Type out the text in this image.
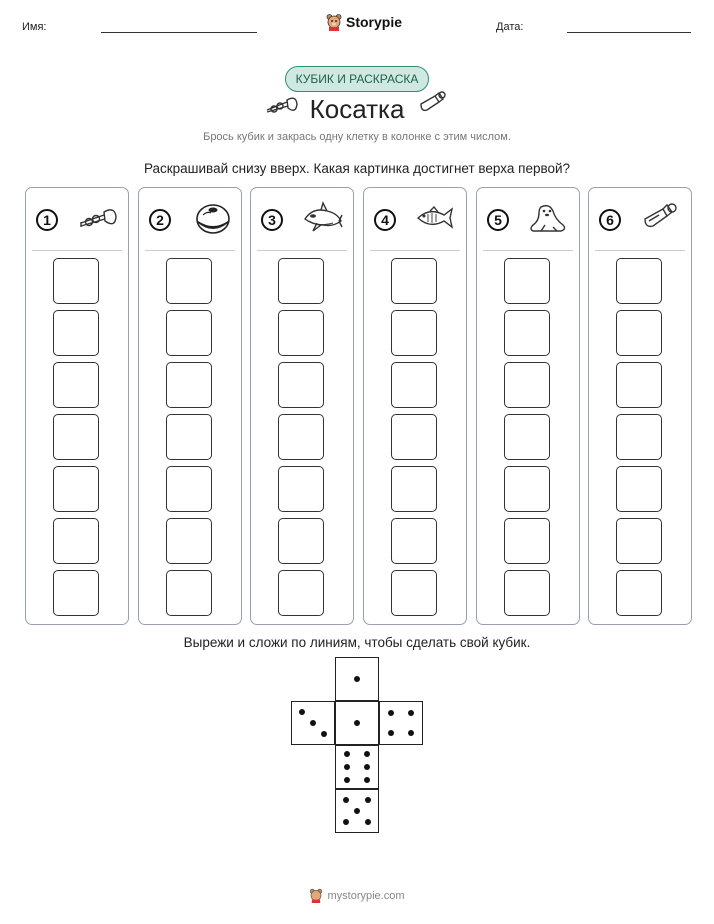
Имя:	Storypie	Дата:
КУБИК И РАСКРАСКА
Косатка
Брось кубик и закрась одну клетку в колонке с этим числом.
Раскрашивай снизу вверх. Какая картинка достигнет верха первой?
1	2	3	4	5	6
Вырежи и сложи по линиям, чтобы сделать свой кубик.
mystorypie.com
